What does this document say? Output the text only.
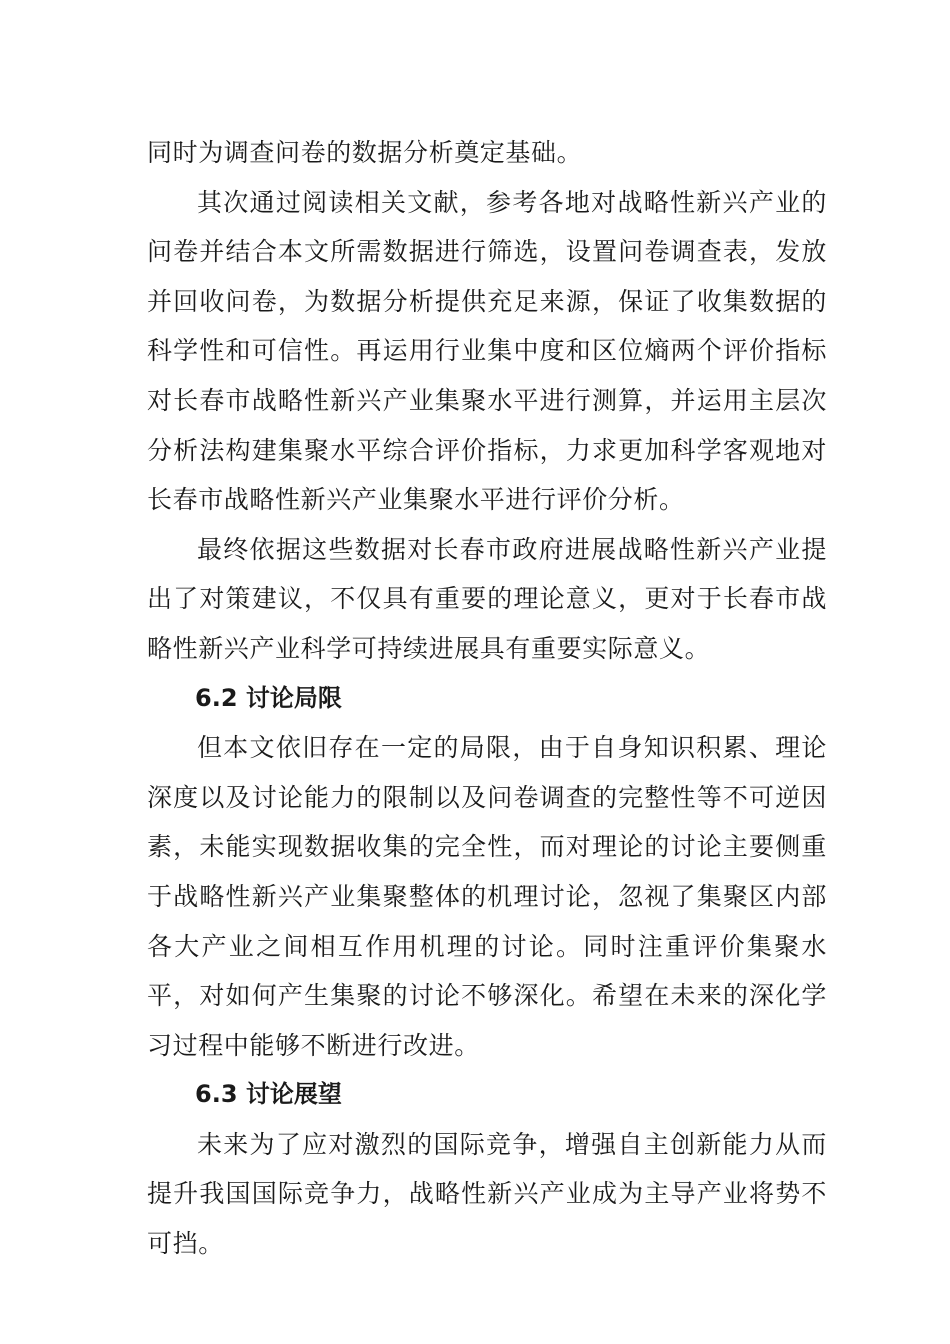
同时为调查问卷的数据分析奠定基础。

其次通过阅读相关文献，参考各地对战略性新兴产业的问卷并结合本文所需数据进行筛选，设置问卷调查表，发放并回收问卷，为数据分析提供充足来源，保证了收集数据的科学性和可信性。再运用行业集中度和区位熵两个评价指标对长春市战略性新兴产业集聚水平进行测算，并运用主层次分析法构建集聚水平综合评价指标，力求更加科学客观地对长春市战略性新兴产业集聚水平进行评价分析。

最终依据这些数据对长春市政府进展战略性新兴产业提出了对策建议，不仅具有重要的理论意义，更对于长春市战略性新兴产业科学可持续进展具有重要实际意义。

6.2 讨论局限

但本文依旧存在一定的局限，由于自身知识积累、理论深度以及讨论能力的限制以及问卷调查的完整性等不可逆因素，未能实现数据收集的完全性，而对理论的讨论主要侧重于战略性新兴产业集聚整体的机理讨论，忽视了集聚区内部各大产业之间相互作用机理的讨论。同时注重评价集聚水平，对如何产生集聚的讨论不够深化。希望在未来的深化学习过程中能够不断进行改进。

6.3 讨论展望

未来为了应对激烈的国际竞争，增强自主创新能力从而提升我国国际竞争力，战略性新兴产业成为主导产业将势不可挡。
